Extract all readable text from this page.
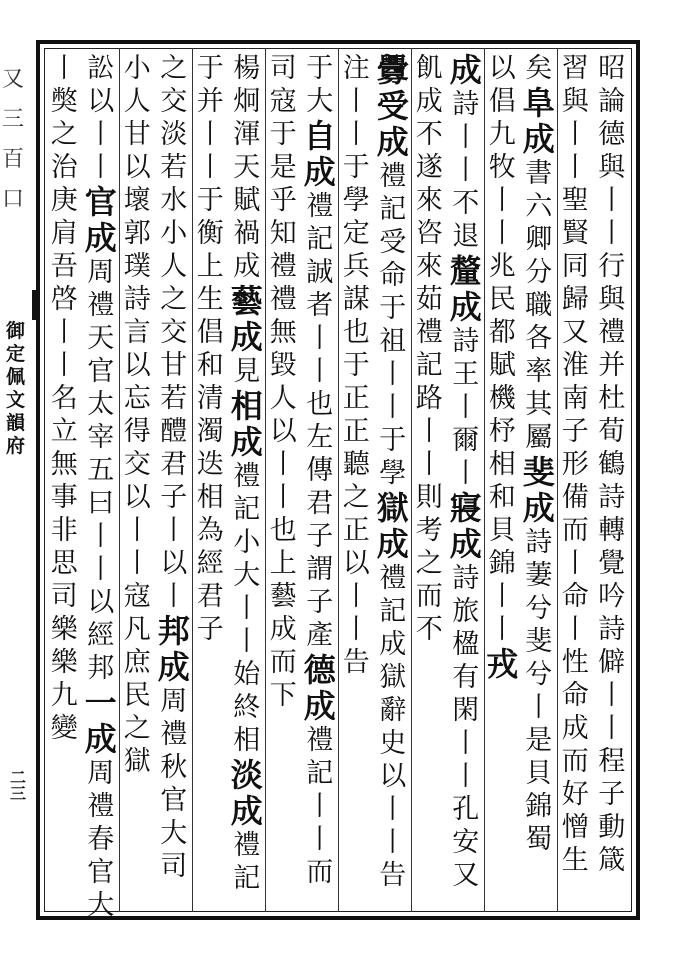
又
三
百
口
御
定
佩
文
韻
府
二
三
昭
論
德
與
丨
丨
行
與
禮
并
杜
荀
鶴
詩
轉
覺
吟
詩
僻
丨
丨
程
子
動
箴
習
與
丨
丨
聖
賢
同
歸
又
淮
南
子
形
備
而
丨
命
丨
性
命
成
而
好
憎
生
矣
阜
成
書
六
卿
分
職
各
率
其
屬
斐
成
詩
萋
兮
斐
兮
丨
是
貝
錦
蜀
以
倡
九
牧
丨
丨
兆
民
都
賦
機
杼
相
和
貝
錦
丨
丨
戎
成
詩
丨
丨
不
退
釐
成
詩
王
丨
爾
丨
寢
成
詩
旅
楹
有
閑
丨
丨
孔
安
又
飢
成
不
遂
來
咨
來
茹
禮
記
路
丨
丨
則
考
之
而
不
釁
受
成
禮
記
受
命
于
祖
丨
丨
于
學
獄
成
禮
記
成
獄
辭
史
以
丨
丨
告
注
丨
丨
于
學
定
兵
謀
也
于
正
正
聽
之
正
以
丨
丨
告
于
大
自
成
禮
記
誠
者
丨
丨
也
左
傳
君
子
謂
子
產
德
成
禮
記
丨
丨
而
司
寇
于
是
乎
知
禮
禮
無
毀
人
以
丨
丨
也
上
藝
成
而
下
楊
炯
渾
天
賦
禍
成
藝
成
見
相
成
禮
記
小
大
丨
丨
始
終
相
淡
成
禮
記
于
并
丨
丨
于
衡
上
生
倡
和
清
濁
迭
相
為
經
君
子
之
交
淡
若
水
小
人
之
交
甘
若
醴
君
子
丨
以
丨
邦
成
周
禮
秋
官
大
司
小
人
甘
以
壞
郭
璞
詩
言
以
忘
得
交
以
丨
丨
寇
凡
庶
民
之
獄
訟
以
丨
丨
官
成
周
禮
天
官
太
宰
五
曰
丨
丨
以
經
邦
一
成
周
禮
春
官
大
丨
獘
之
治
庚
肩
吾
啓
丨
丨
名
立
無
事
非
思
司
樂
樂
九
變
